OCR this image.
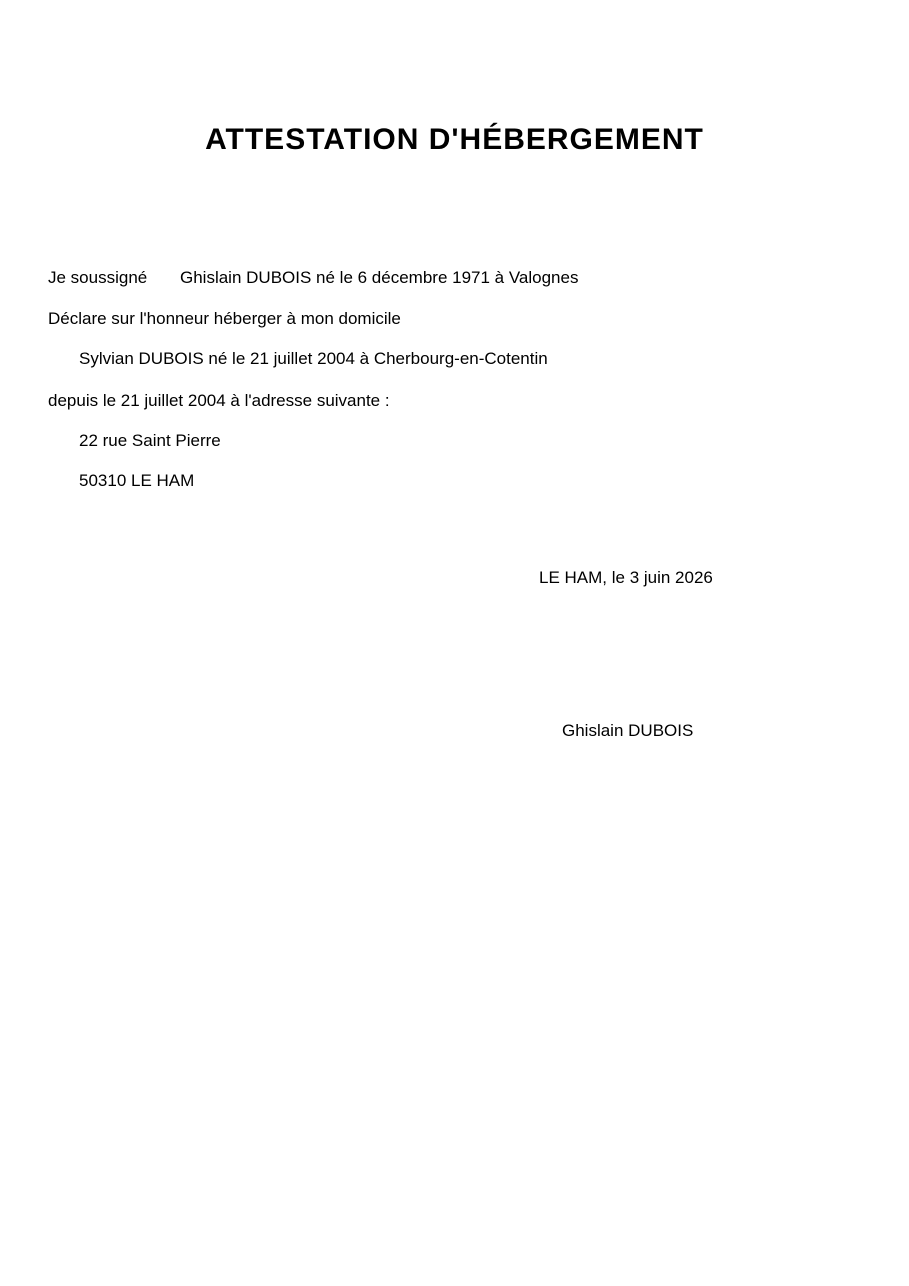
ATTESTATION D'HÉBERGEMENT

Je soussigné Ghislain DUBOIS né le 6 décembre 1971 à Valognes

Déclare sur l'honneur héberger à mon domicile

Sylvian DUBOIS né le 21 juillet 2004 à Cherbourg-en-Cotentin

depuis le 21 juillet 2004 à l'adresse suivante :

22 rue Saint Pierre

50310 LE HAM

LE HAM, le 3 juin 2026

Ghislain DUBOIS
